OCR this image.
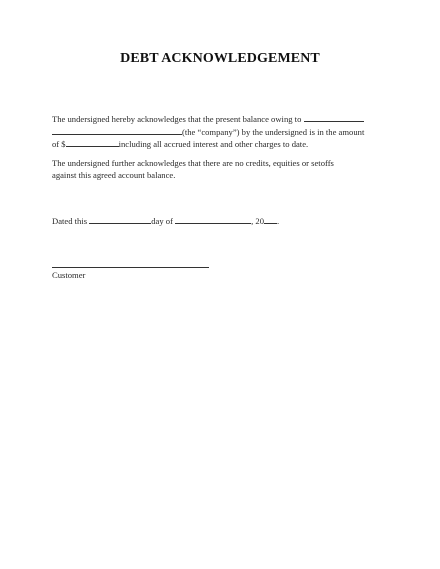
DEBT ACKNOWLEDGEMENT
The undersigned hereby acknowledges that the present balance owing to
(the “company”) by the undersigned is in the amount
of $	including all accrued interest and other charges to date.
The undersigned further acknowledges that there are no credits, equities or setoffs
against this agreed account balance.
Dated this	day of	, 20 .
Customer
